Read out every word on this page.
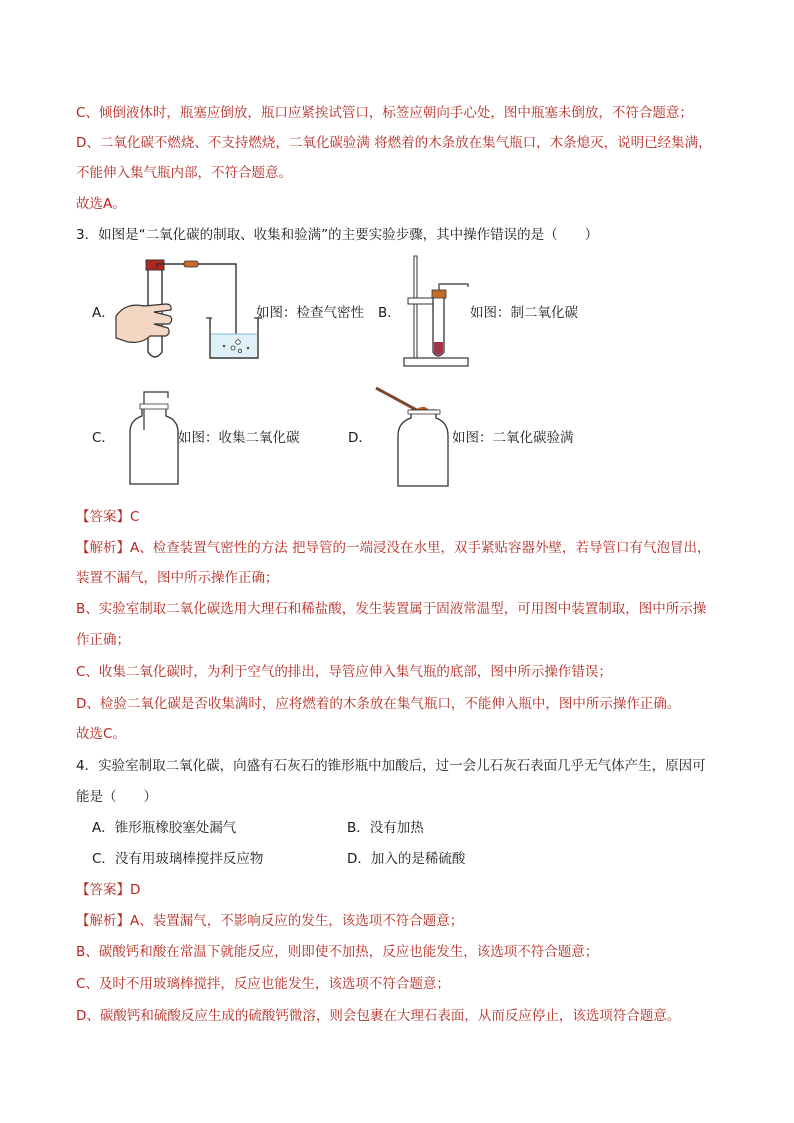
C、倾倒液体时，瓶塞应倒放，瓶口应紧挨试管口，标签应朝向手心处，图中瓶塞未倒放，不符合题意；
D、二氧化碳不燃烧、不支持燃烧，二氧化碳验满 将燃着的木条放在集气瓶口，木条熄灭，说明已经集满，
不能伸入集气瓶内部，不符合题意。
故选A。
3．如图是“二氧化碳的制取、收集和验满”的主要实验步骤，其中操作错误的是（　　）
A．	如图：检查气密性 B．	如图：制二氧化碳
C．	如图：收集二氧化碳	D．	如图：二氧化碳验满
【答案】C
【解析】A、检查装置气密性的方法 把导管的一端浸没在水里，双手紧贴容器外壁，若导管口有气泡冒出，
装置不漏气，图中所示操作正确；
B、实验室制取二氧化碳选用大理石和稀盐酸，发生装置属于固液常温型，可用图中装置制取，图中所示操
作正确；
C、收集二氧化碳时，为利于空气的排出，导管应伸入集气瓶的底部，图中所示操作错误；
D、检验二氧化碳是否收集满时，应将燃着的木条放在集气瓶口，不能伸入瓶中，图中所示操作正确。
故选C。
4．实验室制取二氧化碳，向盛有石灰石的锥形瓶中加酸后，过一会儿石灰石表面几乎无气体产生，原因可
能是（　　）
A．锥形瓶橡胶塞处漏气	B．没有加热
C．没有用玻璃棒搅拌反应物	D．加入的是稀硫酸
【答案】D
【解析】A、装置漏气，不影响反应的发生，该选项不符合题意；
B、碳酸钙和酸在常温下就能反应，则即使不加热，反应也能发生，该选项不符合题意；
C、及时不用玻璃棒搅拌，反应也能发生，该选项不符合题意；
D、碳酸钙和硫酸反应生成的硫酸钙微溶，则会包裹在大理石表面，从而反应停止，该选项符合题意。
